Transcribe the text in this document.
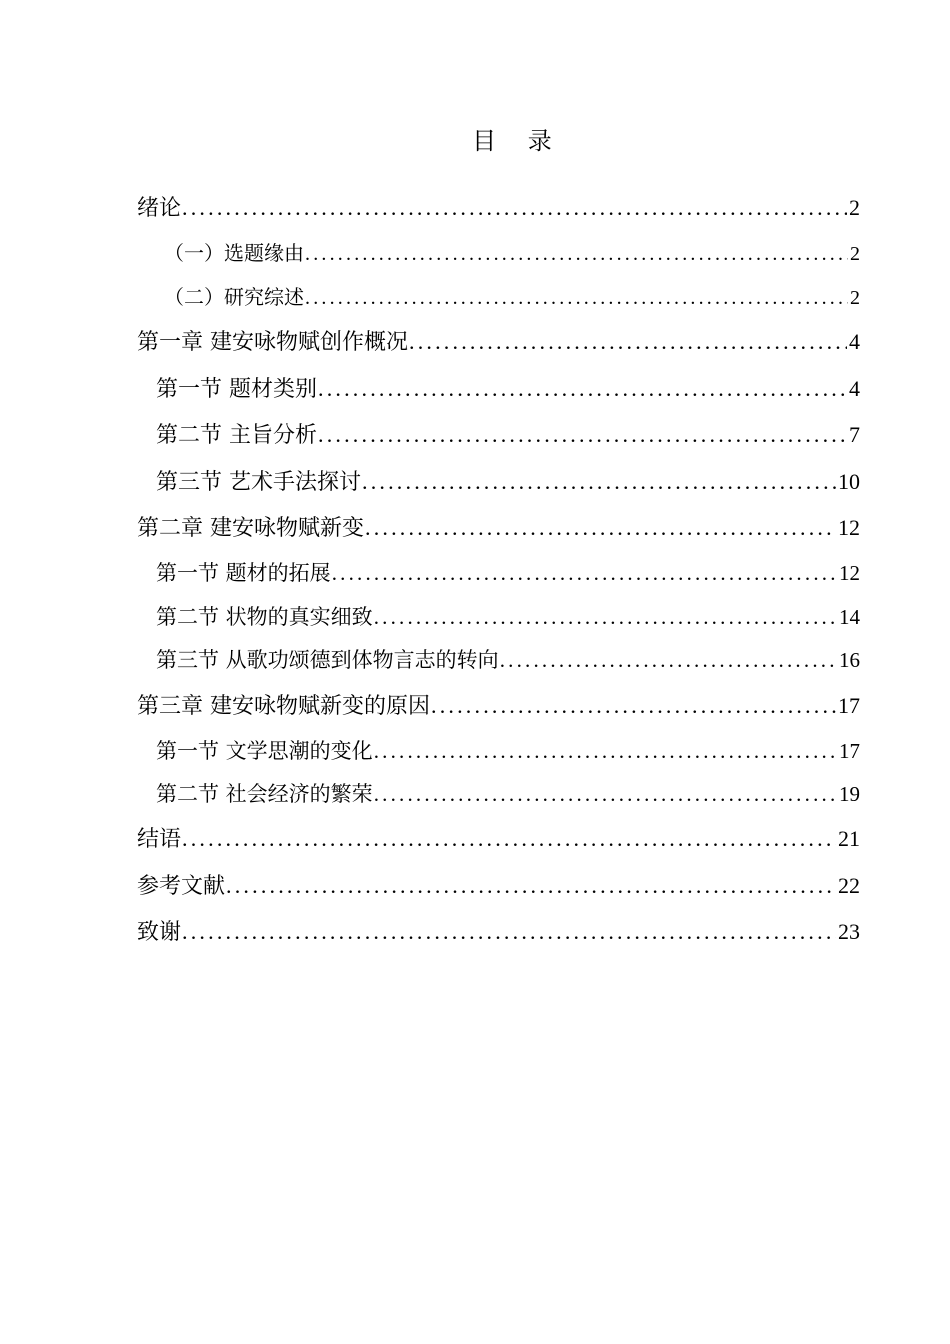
目 录
绪论 .....	2
（一）选题缘由 .....	2
（二）研究综述 .....	2
第一章 建安咏物赋创作概况 .....	4
第一节 题材类别 .....	4
第二节 主旨分析 .....	7
第三节 艺术手法探讨 .....	10
第二章 建安咏物赋新变 .....	12
第一节 题材的拓展 .....	12
第二节 状物的真实细致 .....	14
第三节 从歌功颂德到体物言志的转向 .....	16
第三章 建安咏物赋新变的原因 .....	17
第一节 文学思潮的变化 .....	17
第二节 社会经济的繁荣 .....	19
结语 .....	21
参考文献 .....	22
致谢 .....	23
